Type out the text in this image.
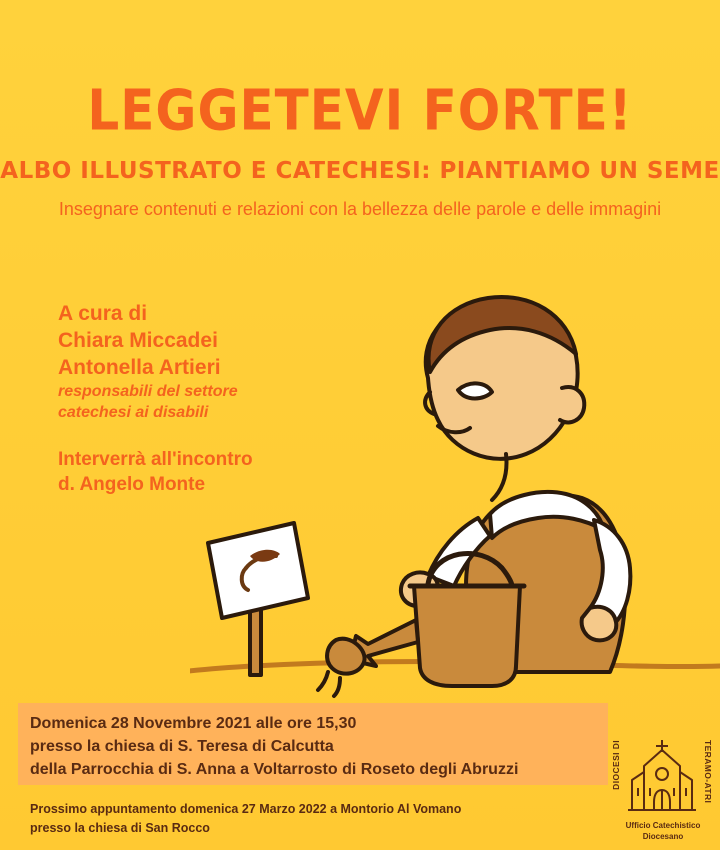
LEGGETEVI FORTE!
ALBO ILLUSTRATO E CATECHESI: PIANTIAMO UN SEME
Insegnare contenuti e relazioni con la bellezza delle parole e delle immagini
A cura di
Chiara Miccadei
Antonella Artieri
responsabili del settore
catechesi ai disabili
Interverrà all'incontro
d. Angelo Monte
Domenica 28 Novembre 2021 alle ore 15,30
presso la chiesa di S. Teresa di Calcutta
della Parrocchia di S. Anna a Voltarrosto di Roseto degli Abruzzi
Prossimo appuntamento domenica 27 Marzo 2022 a Montorio Al Vomano
presso la chiesa di San Rocco
DIOCESI DI	TERAMO-ATRI
Ufficio Catechistico
Diocesano
